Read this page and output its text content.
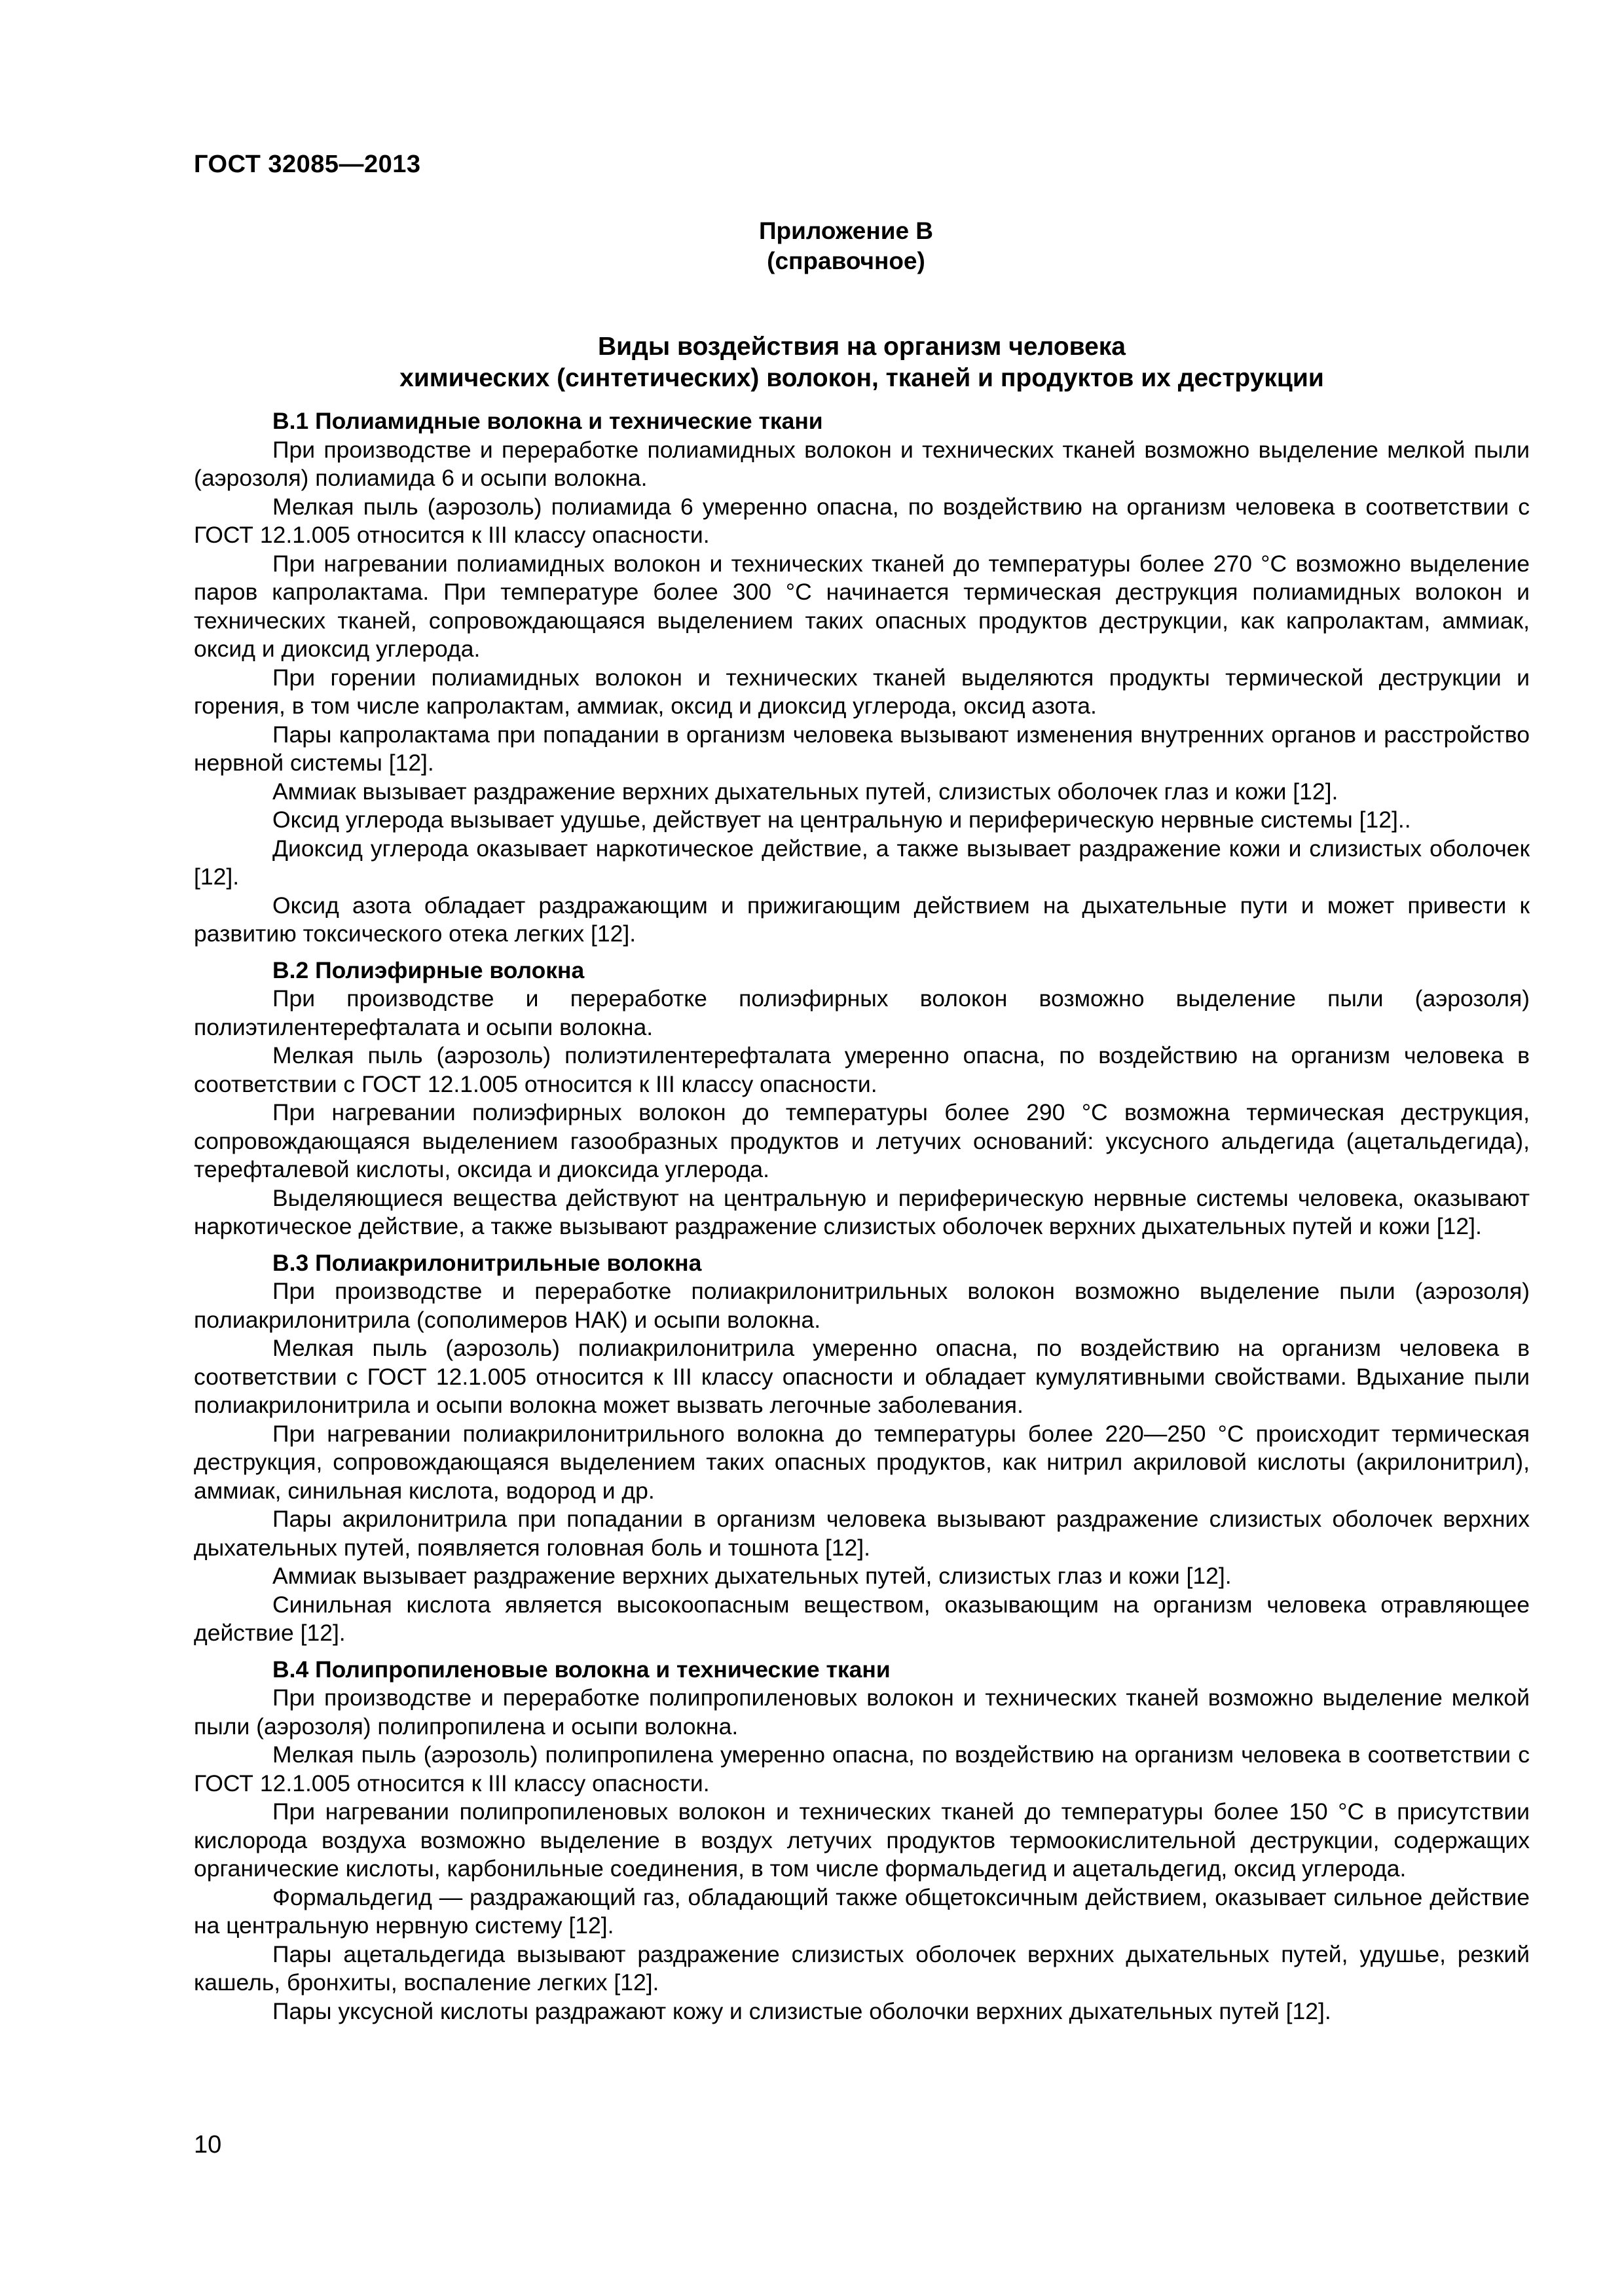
ГОСТ 32085—2013
Приложение В
(справочное)
Виды воздействия на организм человека
химических (синтетических) волокон, тканей и продуктов их деструкции

В.1 Полиамидные волокна и технические ткани

При производстве и переработке полиамидных волокон и технических тканей возможно выделение мелкой пыли (аэрозоля) полиамида 6 и осыпи волокна.

Мелкая пыль (аэрозоль) полиамида 6 умеренно опасна, по воздействию на организм человека в соответствии с ГОСТ 12.1.005 относится к III классу опасности.

При нагревании полиамидных волокон и технических тканей до температуры более 270 °С возможно выделение паров капролактама. При температуре более 300 °С начинается термическая деструкция полиамидных волокон и технических тканей, сопровождающаяся выделением таких опасных продуктов деструкции, как капролактам, аммиак, оксид и диоксид углерода.

При горении полиамидных волокон и технических тканей выделяются продукты термической деструкции и горения, в том числе капролактам, аммиак, оксид и диоксид углерода, оксид азота.

Пары капролактама при попадании в организм человека вызывают изменения внутренних органов и расстройство нервной системы [12].

Аммиак вызывает раздражение верхних дыхательных путей, слизистых оболочек глаз и кожи [12].

Оксид углерода вызывает удушье, действует на центральную и периферическую нервные системы [12]..

Диоксид углерода оказывает наркотическое действие, а также вызывает раздражение кожи и слизистых оболочек [12].

Оксид азота обладает раздражающим и прижигающим действием на дыхательные пути и может привести к развитию токсического отека легких [12].

В.2 Полиэфирные волокна

При производстве и переработке полиэфирных волокон возможно выделение пыли (аэрозоля) полиэтилентерефталата и осыпи волокна.

Мелкая пыль (аэрозоль) полиэтилентерефталата умеренно опасна, по воздействию на организм человека в соответствии с ГОСТ 12.1.005 относится к III классу опасности.

При нагревании полиэфирных волокон до температуры более 290 °С возможна термическая деструкция, сопровождающаяся выделением газообразных продуктов и летучих оснований: уксусного альдегида (ацетальдегида), терефталевой кислоты, оксида и диоксида углерода.

Выделяющиеся вещества действуют на центральную и периферическую нервные системы человека, оказывают наркотическое действие, а также вызывают раздражение слизистых оболочек верхних дыхательных путей и кожи [12].

В.3 Полиакрилонитрильные волокна

При производстве и переработке полиакрилонитрильных волокон возможно выделение пыли (аэрозоля) полиакрилонитрила (сополимеров НАК) и осыпи волокна.

Мелкая пыль (аэрозоль) полиакрилонитрила умеренно опасна, по воздействию на организм человека в соответствии с ГОСТ 12.1.005 относится к III классу опасности и обладает кумулятивными свойствами. Вдыхание пыли полиакрилонитрила и осыпи волокна может вызвать легочные заболевания.

При нагревании полиакрилонитрильного волокна до температуры более 220—250 °С происходит термическая деструкция, сопровождающаяся выделением таких опасных продуктов, как нитрил акриловой кислоты (акрилонитрил), аммиак, синильная кислота, водород и др.

Пары акрилонитрила при попадании в организм человека вызывают раздражение слизистых оболочек верхних дыхательных путей, появляется головная боль и тошнота [12].

Аммиак вызывает раздражение верхних дыхательных путей, слизистых глаз и кожи [12].

Синильная кислота является высокоопасным веществом, оказывающим на организм человека отравляющее действие [12].

В.4 Полипропиленовые волокна и технические ткани

При производстве и переработке полипропиленовых волокон и технических тканей возможно выделение мелкой пыли (аэрозоля) полипропилена и осыпи волокна.

Мелкая пыль (аэрозоль) полипропилена умеренно опасна, по воздействию на организм человека в соответствии с ГОСТ 12.1.005 относится к III классу опасности.

При нагревании полипропиленовых волокон и технических тканей до температуры более 150 °С в присутствии кислорода воздуха возможно выделение в воздух летучих продуктов термоокислительной деструкции, содержащих органические кислоты, карбонильные соединения, в том числе формальдегид и ацетальдегид, оксид углерода.

Формальдегид — раздражающий газ, обладающий также общетоксичным действием, оказывает сильное действие на центральную нервную систему [12].

Пары ацетальдегида вызывают раздражение слизистых оболочек верхних дыхательных путей, удушье, резкий кашель, бронхиты, воспаление легких [12].

Пары уксусной кислоты раздражают кожу и слизистые оболочки верхних дыхательных путей [12].

10
